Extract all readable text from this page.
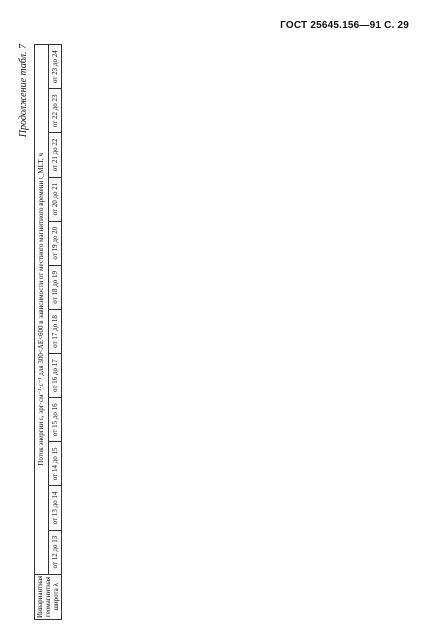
ГОСТ 25645.156—91 С. 29
Продолжение табл. 7
Инвариантная геомагнитная широта λ	Поток энергии ε, эрг·см⁻²·с⁻¹ для 300<AE<600 в зависимости от местного магнитного времени t_MLT, ч											
	от 12 до 13	от 13 до 14	от 14 до 15	от 15 до 16	от 16 до 17	от 17 до 18	от 18 до 19	от 19 до 20	от 20 до 21	от 21 до 22	от 22 до 23	от 23 до 24
